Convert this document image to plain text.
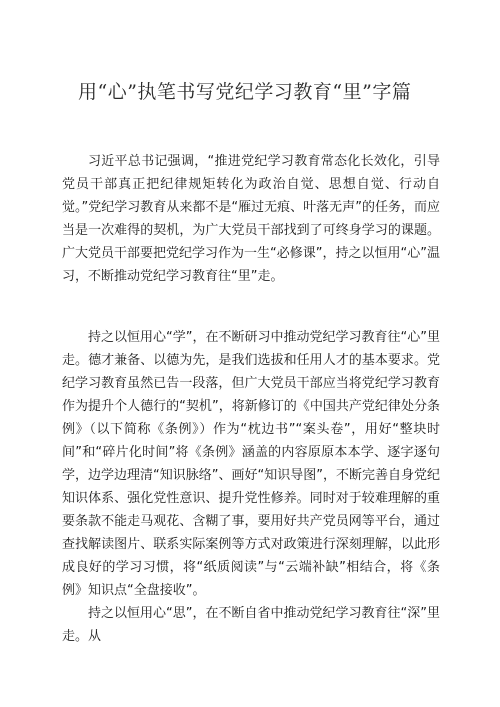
用“心”执笔书写党纪学习教育“里”字篇

习近平总书记强调，“推进党纪学习教育常态化长效化，引导党员干部真正把纪律规矩转化为政治自觉、思想自觉、行动自觉。”党纪学习教育从来都不是“雁过无痕、叶落无声”的任务，而应当是一次难得的契机，为广大党员干部找到了可终身学习的课题。广大党员干部要把党纪学习作为一生“必修课”，持之以恒用“心”温习，不断推动党纪学习教育往“里”走。

持之以恒用心“学”，在不断研习中推动党纪学习教育往“心”里走。德才兼备、以德为先，是我们选拔和任用人才的基本要求。党纪学习教育虽然已告一段落，但广大党员干部应当将党纪学习教育作为提升个人德行的“契机”，将新修订的《中国共产党纪律处分条例》（以下简称《条例》）作为“枕边书”“案头卷”，用好“整块时间”和“碎片化时间”将《条例》涵盖的内容原原本本学、逐字逐句学，边学边理清“知识脉络”、画好“知识导图”，不断完善自身党纪知识体系、强化党性意识、提升党性修养。同时对于较难理解的重要条款不能走马观花、含糊了事，要用好共产党员网等平台，通过查找解读图片、联系实际案例等方式对政策进行深刻理解，以此形成良好的学习习惯，将“纸质阅读”与“云端补缺”相结合，将《条例》知识点“全盘接收”。

持之以恒用心“思”，在不断自省中推动党纪学习教育往“深”里走。从
